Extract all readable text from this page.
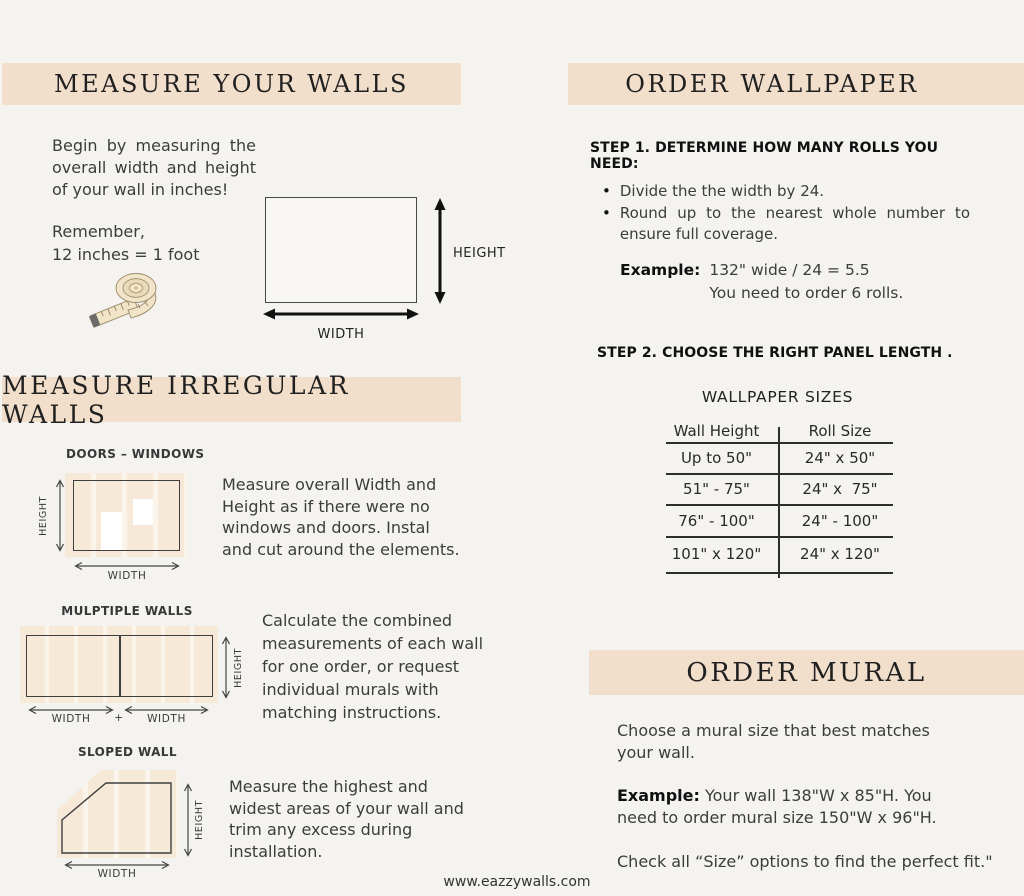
MEASURE YOUR WALLS	ORDER WALLPAPER
MEASURE IRREGULAR WALLS
ORDER MURAL
Begin by measuring the overall width and height of your wall in inches!
Remember,
12 inches = 1 foot	HEIGHT
WIDTH
DOORS – WINDOWS
HEIGHT
WIDTH
Measure overall Width and Height as if there were no windows and doors. Instal and cut around the elements.
MULPTIPLE WALLS
HEIGHT
WIDTH	+	WIDTH
Calculate the combined measurements of each wall for one order, or request individual murals with matching instructions.
SLOPED WALL
HEIGHT
WIDTH
Measure the highest and widest areas of your wall and trim any excess during installation.
STEP 1. DETERMINE HOW MANY ROLLS YOU NEED:
• Divide the the width by 24.
• Round up to the nearest whole number to ensure full coverage.
Example: 132" wide / 24 = 5.5
You need to order 6 rolls.
STEP 2. CHOOSE THE RIGHT PANEL LENGTH .
WALLPAPER SIZES
Wall Height	Roll Size
Up to 50"	24" x 50"
51" - 75"	24" x  75"
76" - 100"	24" - 100"
101" x 120"	24" x 120"
Choose a mural size that best matches your wall.
Example: Your wall 138"W x 85"H. You need to order mural size 150"W x 96"H.
Check all “Size” options to find the perfect fit."
www.eazzywalls.com
